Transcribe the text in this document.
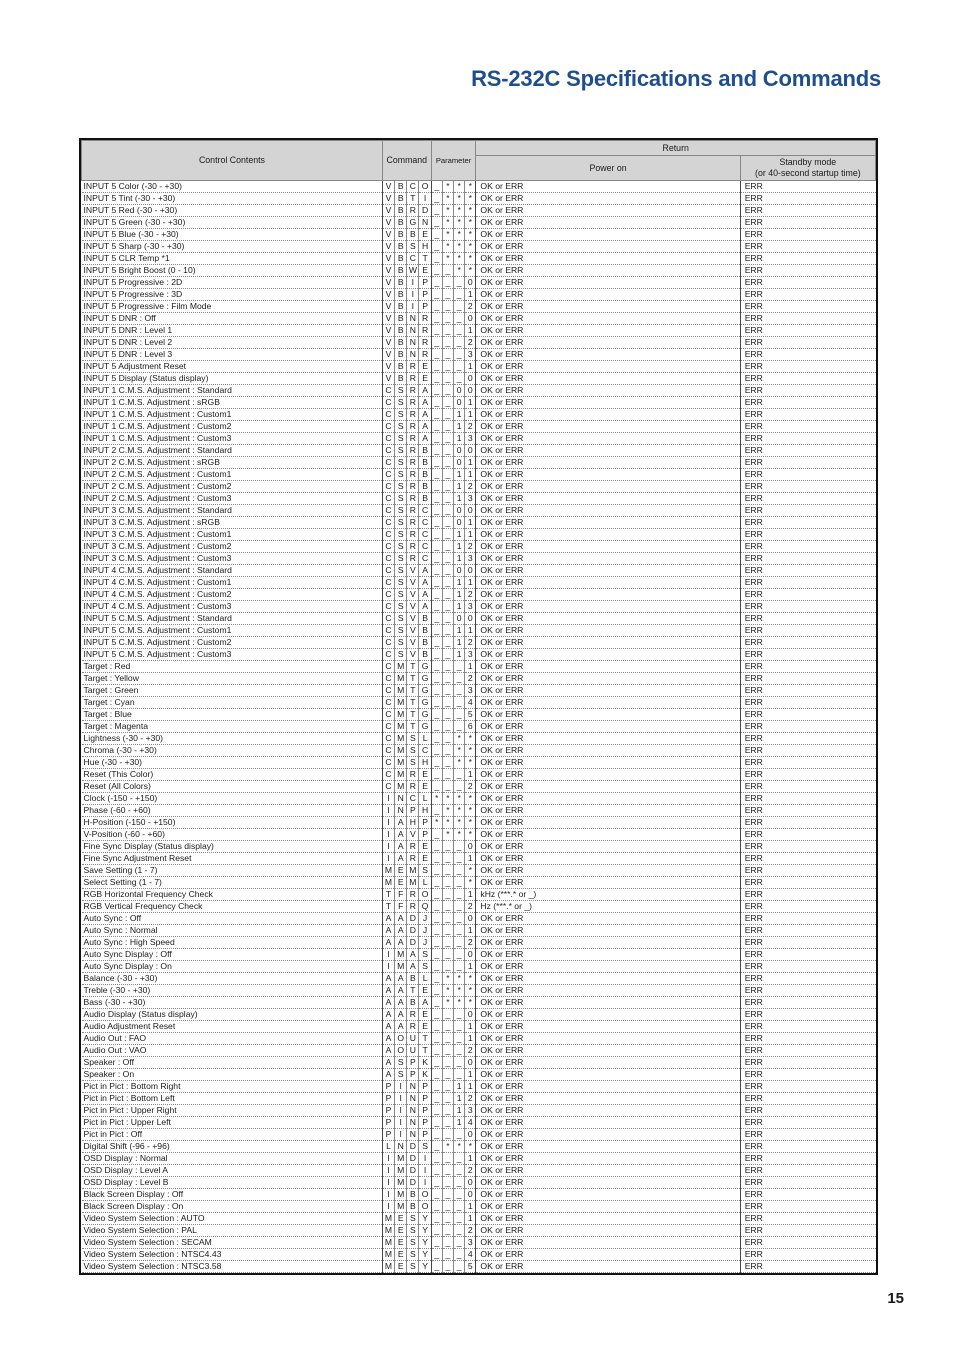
RS-232C Specifications and Commands
Control Contents	Command				Parameter				Return	
									Power on	Standby mode
(or 40-second startup time)

INPUT 5 Color (-30 - +30)	V	B	C	O	_	*	*	*	OK or ERR	ERR
INPUT 5 Tint (-30 - +30)	V	B	T	I	_	*	*	*	OK or ERR	ERR
INPUT 5 Red (-30 - +30)	V	B	R	D	_	*	*	*	OK or ERR	ERR
INPUT 5 Green (-30 - +30)	V	B	G	N	_	*	*	*	OK or ERR	ERR
INPUT 5 Blue (-30 - +30)	V	B	B	E	_	*	*	*	OK or ERR	ERR
INPUT 5 Sharp (-30 - +30)	V	B	S	H	_	*	*	*	OK or ERR	ERR
INPUT 5 CLR Temp *1	V	B	C	T	_	*	*	*	OK or ERR	ERR
INPUT 5 Bright Boost (0 - 10)	V	B	W	E	_	_	*	*	OK or ERR	ERR
INPUT 5 Progressive : 2D	V	B	I	P	_	_	_	0	OK or ERR	ERR
INPUT 5 Progressive : 3D	V	B	I	P	_	_	_	1	OK or ERR	ERR
INPUT 5 Progressive : Film Mode	V	B	I	P	_	_	_	2	OK or ERR	ERR
INPUT 5 DNR : Off	V	B	N	R	_	_	_	0	OK or ERR	ERR
INPUT 5 DNR : Level 1	V	B	N	R	_	_	_	1	OK or ERR	ERR
INPUT 5 DNR : Level 2	V	B	N	R	_	_	_	2	OK or ERR	ERR
INPUT 5 DNR : Level 3	V	B	N	R	_	_	_	3	OK or ERR	ERR
INPUT 5 Adjustment Reset	V	B	R	E	_	_	_	1	OK or ERR	ERR
INPUT 5 Display (Status display)	V	B	R	E	_	_	_	0	OK or ERR	ERR
INPUT 1 C.M.S. Adjustment : Standard	C	S	R	A	_	_	0	0	OK or ERR	ERR
INPUT 1 C.M.S. Adjustment : sRGB	C	S	R	A	_	_	0	1	OK or ERR	ERR
INPUT 1 C.M.S. Adjustment : Custom1	C	S	R	A	_	_	1	1	OK or ERR	ERR
INPUT 1 C.M.S. Adjustment : Custom2	C	S	R	A	_	_	1	2	OK or ERR	ERR
INPUT 1 C.M.S. Adjustment : Custom3	C	S	R	A	_	_	1	3	OK or ERR	ERR
INPUT 2 C.M.S. Adjustment : Standard	C	S	R	B	_	_	0	0	OK or ERR	ERR
INPUT 2 C.M.S. Adjustment : sRGB	C	S	R	B	_	_	0	1	OK or ERR	ERR
INPUT 2 C.M.S. Adjustment : Custom1	C	S	R	B	_	_	1	1	OK or ERR	ERR
INPUT 2 C.M.S. Adjustment : Custom2	C	S	R	B	_	_	1	2	OK or ERR	ERR
INPUT 2 C.M.S. Adjustment : Custom3	C	S	R	B	_	_	1	3	OK or ERR	ERR
INPUT 3 C.M.S. Adjustment : Standard	C	S	R	C	_	_	0	0	OK or ERR	ERR
INPUT 3 C.M.S. Adjustment : sRGB	C	S	R	C	_	_	0	1	OK or ERR	ERR
INPUT 3 C.M.S. Adjustment : Custom1	C	S	R	C	_	_	1	1	OK or ERR	ERR
INPUT 3 C.M.S. Adjustment : Custom2	C	S	R	C	_	_	1	2	OK or ERR	ERR
INPUT 3 C.M.S. Adjustment : Custom3	C	S	R	C	_	_	1	3	OK or ERR	ERR
INPUT 4 C.M.S. Adjustment : Standard	C	S	V	A	_	_	0	0	OK or ERR	ERR
INPUT 4 C.M.S. Adjustment : Custom1	C	S	V	A	_	_	1	1	OK or ERR	ERR
INPUT 4 C.M.S. Adjustment : Custom2	C	S	V	A	_	_	1	2	OK or ERR	ERR
INPUT 4 C.M.S. Adjustment : Custom3	C	S	V	A	_	_	1	3	OK or ERR	ERR
INPUT 5 C.M.S. Adjustment : Standard	C	S	V	B	_	_	0	0	OK or ERR	ERR
INPUT 5 C.M.S. Adjustment : Custom1	C	S	V	B	_	_	1	1	OK or ERR	ERR
INPUT 5 C.M.S. Adjustment : Custom2	C	S	V	B	_	_	1	2	OK or ERR	ERR
INPUT 5 C.M.S. Adjustment : Custom3	C	S	V	B	_	_	1	3	OK or ERR	ERR
Target : Red	C	M	T	G	_	_	_	1	OK or ERR	ERR
Target : Yellow	C	M	T	G	_	_	_	2	OK or ERR	ERR
Target : Green	C	M	T	G	_	_	_	3	OK or ERR	ERR
Target : Cyan	C	M	T	G	_	_	_	4	OK or ERR	ERR
Target : Blue	C	M	T	G	_	_	_	5	OK or ERR	ERR
Target : Magenta	C	M	T	G	_	_	_	6	OK or ERR	ERR
Lightness (-30 - +30)	C	M	S	L	_	_	*	*	OK or ERR	ERR
Chroma (-30 - +30)	C	M	S	C	_	_	*	*	OK or ERR	ERR
Hue (-30 - +30)	C	M	S	H	_	_	*	*	OK or ERR	ERR
Reset (This Color)	C	M	R	E	_	_	_	1	OK or ERR	ERR
Reset (All Colors)	C	M	R	E	_	_	_	2	OK or ERR	ERR
Clock (-150 - +150)	I	N	C	L	*	*	*	*	OK or ERR	ERR
Phase (-60 - +60)	I	N	P	H	_	*	*	*	OK or ERR	ERR
H-Position (-150 - +150)	I	A	H	P	*	*	*	*	OK or ERR	ERR
V-Position (-60 - +60)	I	A	V	P	_	*	*	*	OK or ERR	ERR
Fine Sync Display (Status display)	I	A	R	E	_	_	_	0	OK or ERR	ERR
Fine Sync Adjustment Reset	I	A	R	E	_	_	_	1	OK or ERR	ERR
Save Setting (1 - 7)	M	E	M	S	_	_	_	*	OK or ERR	ERR
Select Setting (1 - 7)	M	E	M	L	_	_	_	*	OK or ERR	ERR
RGB Horizontal Frequency Check	T	F	R	O	_	_	_	1	kHz (***.* or _)	ERR
RGB Vertical Frequency Check	T	F	R	Q	_	_	_	2	Hz (***.* or _)	ERR
Auto Sync : Off	A	A	D	J	_	_	_	0	OK or ERR	ERR
Auto Sync : Normal	A	A	D	J	_	_	_	1	OK or ERR	ERR
Auto Sync : High Speed	A	A	D	J	_	_	_	2	OK or ERR	ERR
Auto Sync Display : Off	I	M	A	S	_	_	_	0	OK or ERR	ERR
Auto Sync Display : On	I	M	A	S	_	_	_	1	OK or ERR	ERR
Balance (-30 - +30)	A	A	B	L	_	*	*	*	OK or ERR	ERR
Treble (-30 - +30)	A	A	T	E	_	*	*	*	OK or ERR	ERR
Bass (-30 - +30)	A	A	B	A	_	*	*	*	OK or ERR	ERR
Audio Display (Status display)	A	A	R	E	_	_	_	0	OK or ERR	ERR
Audio Adjustment Reset	A	A	R	E	_	_	_	1	OK or ERR	ERR
Audio Out : FAO	A	O	U	T	_	_	_	1	OK or ERR	ERR
Audio Out : VAO	A	O	U	T	_	_	_	2	OK or ERR	ERR
Speaker : Off	A	S	P	K	_	_	_	0	OK or ERR	ERR
Speaker : On	A	S	P	K	_	_	_	1	OK or ERR	ERR
Pict in Pict : Bottom Right	P	I	N	P	_	_	1	1	OK or ERR	ERR
Pict in Pict : Bottom Left	P	I	N	P	_	_	1	2	OK or ERR	ERR
Pict in Pict : Upper Right	P	I	N	P	_	_	1	3	OK or ERR	ERR
Pict in Pict : Upper Left	P	I	N	P	_	_	1	4	OK or ERR	ERR
Pict in Pict : Off	P	I	N	P	_	_	_	0	OK or ERR	ERR
Digital Shift (-96 - +96)	L	N	D	S	_	*	*	*	OK or ERR	ERR
OSD Display : Normal	I	M	D	I	_	_	_	1	OK or ERR	ERR
OSD Display : Level A	I	M	D	I	_	_	_	2	OK or ERR	ERR
OSD Display : Level B	I	M	D	I	_	_	_	0	OK or ERR	ERR
Black Screen Display : Off	I	M	B	O	_	_	_	0	OK or ERR	ERR
Black Screen Display : On	I	M	B	O	_	_	_	1	OK or ERR	ERR
Video System Selection : AUTO	M	E	S	Y	_	_	_	1	OK or ERR	ERR
Video System Selection : PAL	M	E	S	Y	_	_	_	2	OK or ERR	ERR
Video System Selection : SECAM	M	E	S	Y	_	_	_	3	OK or ERR	ERR
Video System Selection : NTSC4.43	M	E	S	Y	_	_	_	4	OK or ERR	ERR
Video System Selection : NTSC3.58	M	E	S	Y	_	_	_	5	OK or ERR	ERR
15
